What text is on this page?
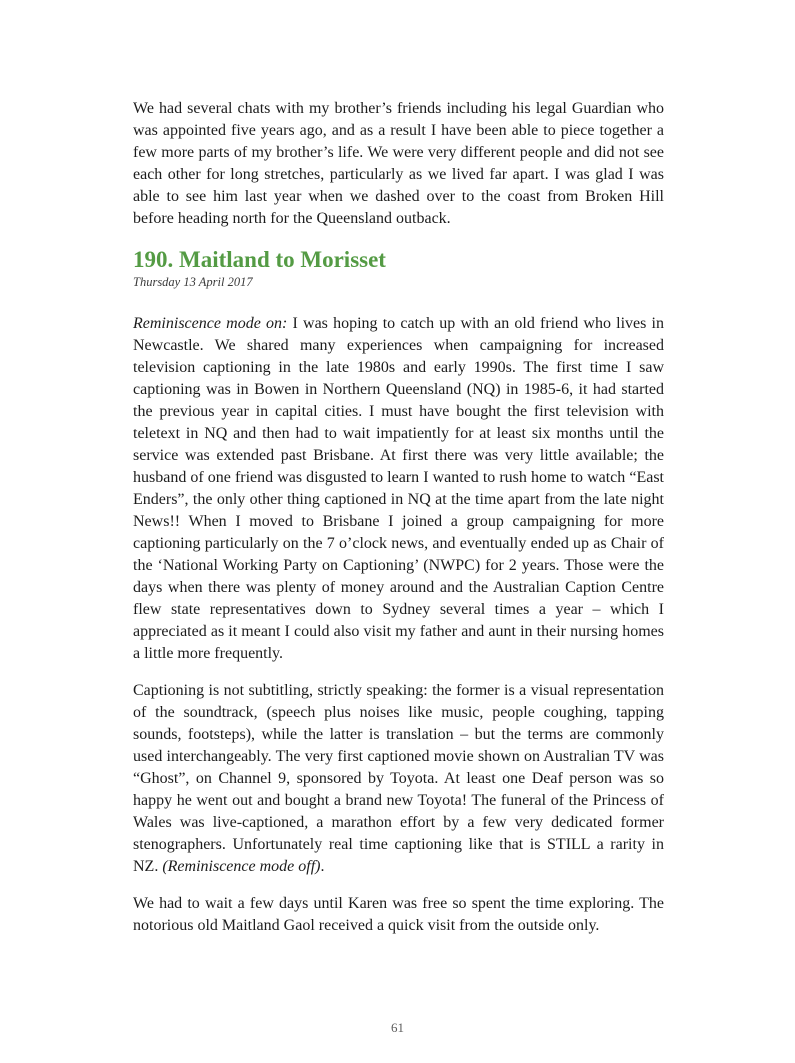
We had several chats with my brother’s friends including his legal Guardian who was appointed five years ago, and as a result I have been able to piece together a few more parts of my brother’s life. We were very different people and did not see each other for long stretches, particularly as we lived far apart. I was glad I was able to see him last year when we dashed over to the coast from Broken Hill before heading north for the Queensland outback.

190. Maitland to Morisset

Thursday 13 April 2017

Reminiscence mode on: I was hoping to catch up with an old friend who lives in Newcastle. We shared many experiences when campaigning for increased television captioning in the late 1980s and early 1990s. The first time I saw captioning was in Bowen in Northern Queensland (NQ) in 1985-6, it had started the previous year in capital cities. I must have bought the first television with teletext in NQ and then had to wait impatiently for at least six months until the service was extended past Brisbane. At first there was very little available; the husband of one friend was disgusted to learn I wanted to rush home to watch “East Enders”, the only other thing captioned in NQ at the time apart from the late night News!! When I moved to Brisbane I joined a group campaigning for more captioning particularly on the 7 o’clock news, and eventually ended up as Chair of the ‘National Working Party on Captioning’ (NWPC) for 2 years. Those were the days when there was plenty of money around and the Australian Caption Centre flew state representatives down to Sydney several times a year – which I appreciated as it meant I could also visit my father and aunt in their nursing homes a little more frequently.

Captioning is not subtitling, strictly speaking: the former is a visual representation of the soundtrack, (speech plus noises like music, people coughing, tapping sounds, footsteps), while the latter is translation – but the terms are commonly used interchangeably. The very first captioned movie shown on Australian TV was “Ghost”, on Channel 9, sponsored by Toyota. At least one Deaf person was so happy he went out and bought a brand new Toyota! The funeral of the Princess of Wales was live-captioned, a marathon effort by a few very dedicated former stenographers. Unfortunately real time captioning like that is STILL a rarity in NZ. (Reminiscence mode off).

We had to wait a few days until Karen was free so spent the time exploring. The notorious old Maitland Gaol received a quick visit from the outside only.

61
